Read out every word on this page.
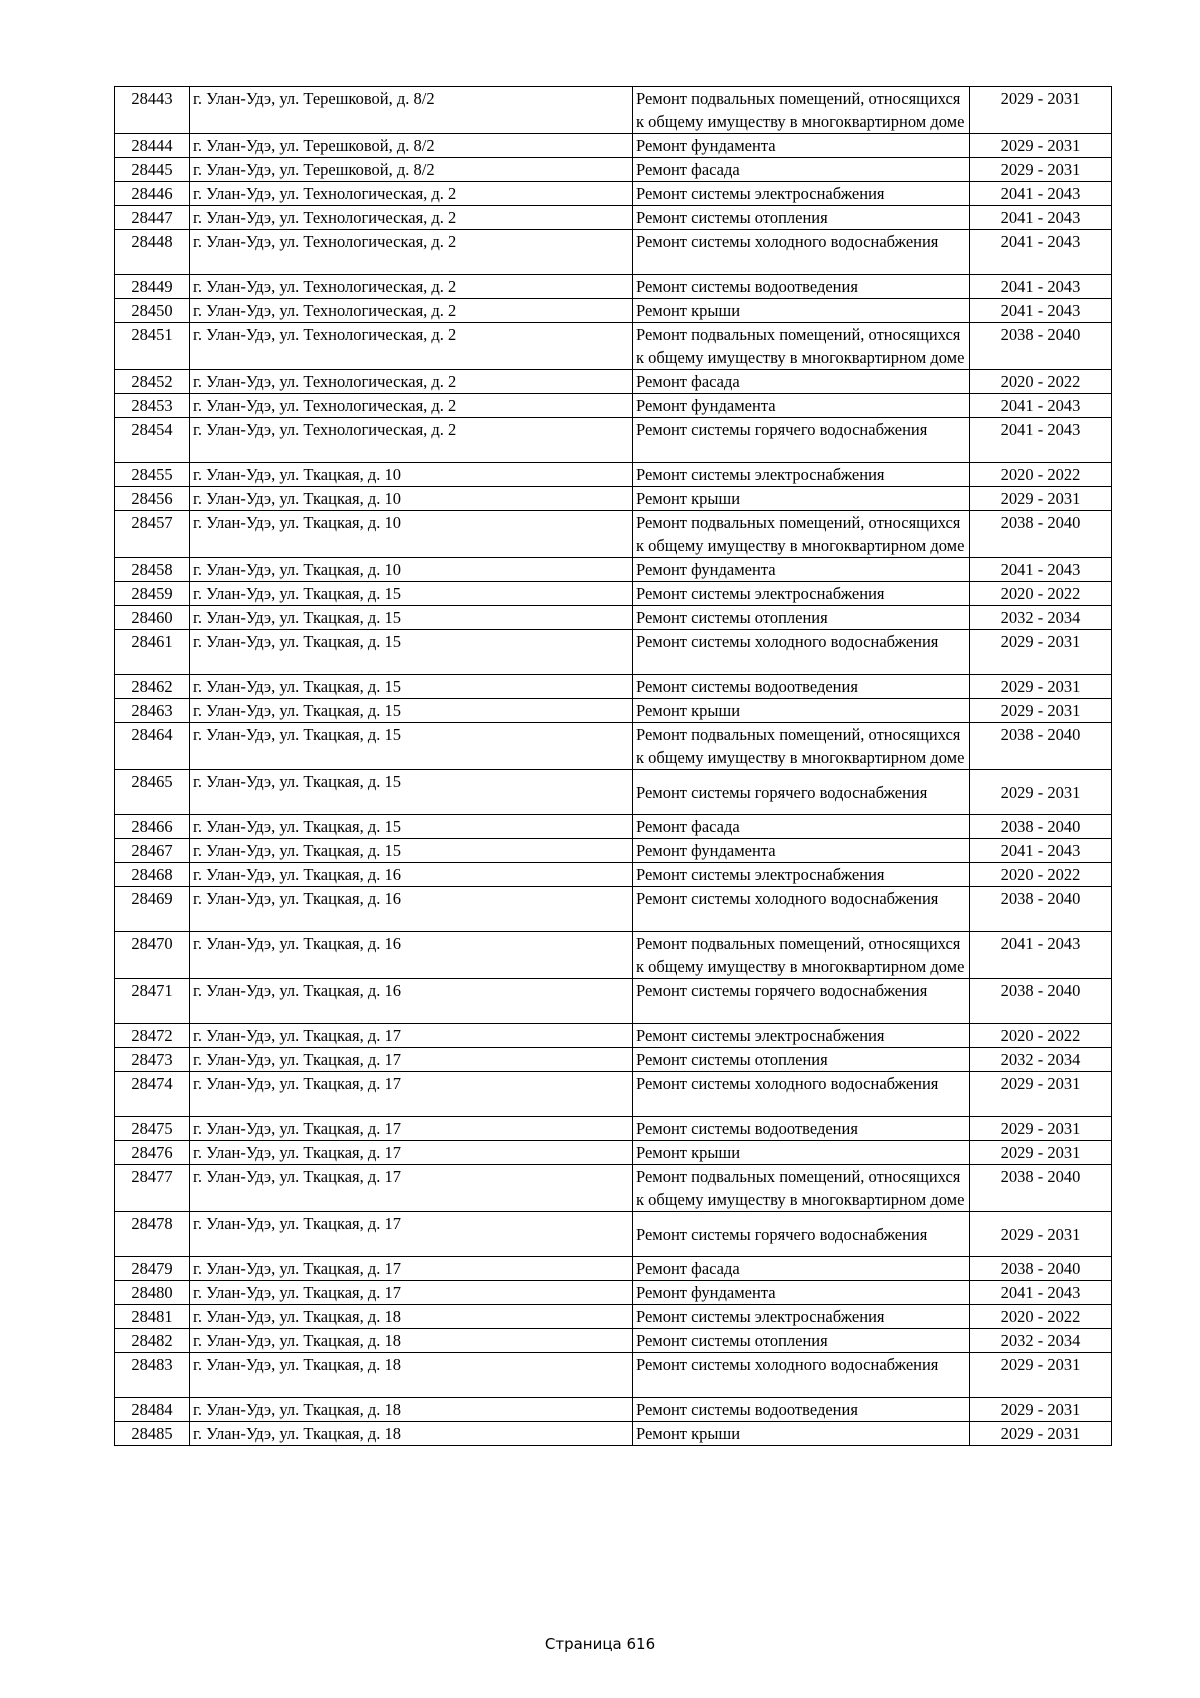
28443	г. Улан-Удэ, ул. Терешковой, д. 8/2	Ремонт подвальных помещений, относящихся к общему имуществу в многоквартирном доме	2029 - 2031
28444	г. Улан-Удэ, ул. Терешковой, д. 8/2	Ремонт фундамента	2029 - 2031
28445	г. Улан-Удэ, ул. Терешковой, д. 8/2	Ремонт фасада	2029 - 2031
28446	г. Улан-Удэ, ул. Технологическая, д. 2	Ремонт системы электроснабжения	2041 - 2043
28447	г. Улан-Удэ, ул. Технологическая, д. 2	Ремонт системы отопления	2041 - 2043
28448	г. Улан-Удэ, ул. Технологическая, д. 2	Ремонт системы холодного водоснабжения	2041 - 2043
28449	г. Улан-Удэ, ул. Технологическая, д. 2	Ремонт системы водоотведения	2041 - 2043
28450	г. Улан-Удэ, ул. Технологическая, д. 2	Ремонт крыши	2041 - 2043
28451	г. Улан-Удэ, ул. Технологическая, д. 2	Ремонт подвальных помещений, относящихся к общему имуществу в многоквартирном доме	2038 - 2040
28452	г. Улан-Удэ, ул. Технологическая, д. 2	Ремонт фасада	2020 - 2022
28453	г. Улан-Удэ, ул. Технологическая, д. 2	Ремонт фундамента	2041 - 2043
28454	г. Улан-Удэ, ул. Технологическая, д. 2	Ремонт системы горячего водоснабжения	2041 - 2043
28455	г. Улан-Удэ, ул. Ткацкая, д. 10	Ремонт системы электроснабжения	2020 - 2022
28456	г. Улан-Удэ, ул. Ткацкая, д. 10	Ремонт крыши	2029 - 2031
28457	г. Улан-Удэ, ул. Ткацкая, д. 10	Ремонт подвальных помещений, относящихся к общему имуществу в многоквартирном доме	2038 - 2040
28458	г. Улан-Удэ, ул. Ткацкая, д. 10	Ремонт фундамента	2041 - 2043
28459	г. Улан-Удэ, ул. Ткацкая, д. 15	Ремонт системы электроснабжения	2020 - 2022
28460	г. Улан-Удэ, ул. Ткацкая, д. 15	Ремонт системы отопления	2032 - 2034
28461	г. Улан-Удэ, ул. Ткацкая, д. 15	Ремонт системы холодного водоснабжения	2029 - 2031
28462	г. Улан-Удэ, ул. Ткацкая, д. 15	Ремонт системы водоотведения	2029 - 2031
28463	г. Улан-Удэ, ул. Ткацкая, д. 15	Ремонт крыши	2029 - 2031
28464	г. Улан-Удэ, ул. Ткацкая, д. 15	Ремонт подвальных помещений, относящихся к общему имуществу в многоквартирном доме	2038 - 2040
28465	г. Улан-Удэ, ул. Ткацкая, д. 15	Ремонт системы горячего водоснабжения	2029 - 2031
28466	г. Улан-Удэ, ул. Ткацкая, д. 15	Ремонт фасада	2038 - 2040
28467	г. Улан-Удэ, ул. Ткацкая, д. 15	Ремонт фундамента	2041 - 2043
28468	г. Улан-Удэ, ул. Ткацкая, д. 16	Ремонт системы электроснабжения	2020 - 2022
28469	г. Улан-Удэ, ул. Ткацкая, д. 16	Ремонт системы холодного водоснабжения	2038 - 2040
28470	г. Улан-Удэ, ул. Ткацкая, д. 16	Ремонт подвальных помещений, относящихся к общему имуществу в многоквартирном доме	2041 - 2043
28471	г. Улан-Удэ, ул. Ткацкая, д. 16	Ремонт системы горячего водоснабжения	2038 - 2040
28472	г. Улан-Удэ, ул. Ткацкая, д. 17	Ремонт системы электроснабжения	2020 - 2022
28473	г. Улан-Удэ, ул. Ткацкая, д. 17	Ремонт системы отопления	2032 - 2034
28474	г. Улан-Удэ, ул. Ткацкая, д. 17	Ремонт системы холодного водоснабжения	2029 - 2031
28475	г. Улан-Удэ, ул. Ткацкая, д. 17	Ремонт системы водоотведения	2029 - 2031
28476	г. Улан-Удэ, ул. Ткацкая, д. 17	Ремонт крыши	2029 - 2031
28477	г. Улан-Удэ, ул. Ткацкая, д. 17	Ремонт подвальных помещений, относящихся к общему имуществу в многоквартирном доме	2038 - 2040
28478	г. Улан-Удэ, ул. Ткацкая, д. 17	Ремонт системы горячего водоснабжения	2029 - 2031
28479	г. Улан-Удэ, ул. Ткацкая, д. 17	Ремонт фасада	2038 - 2040
28480	г. Улан-Удэ, ул. Ткацкая, д. 17	Ремонт фундамента	2041 - 2043
28481	г. Улан-Удэ, ул. Ткацкая, д. 18	Ремонт системы электроснабжения	2020 - 2022
28482	г. Улан-Удэ, ул. Ткацкая, д. 18	Ремонт системы отопления	2032 - 2034
28483	г. Улан-Удэ, ул. Ткацкая, д. 18	Ремонт системы холодного водоснабжения	2029 - 2031
28484	г. Улан-Удэ, ул. Ткацкая, д. 18	Ремонт системы водоотведения	2029 - 2031
28485	г. Улан-Удэ, ул. Ткацкая, д. 18	Ремонт крыши	2029 - 2031
Страница 616
